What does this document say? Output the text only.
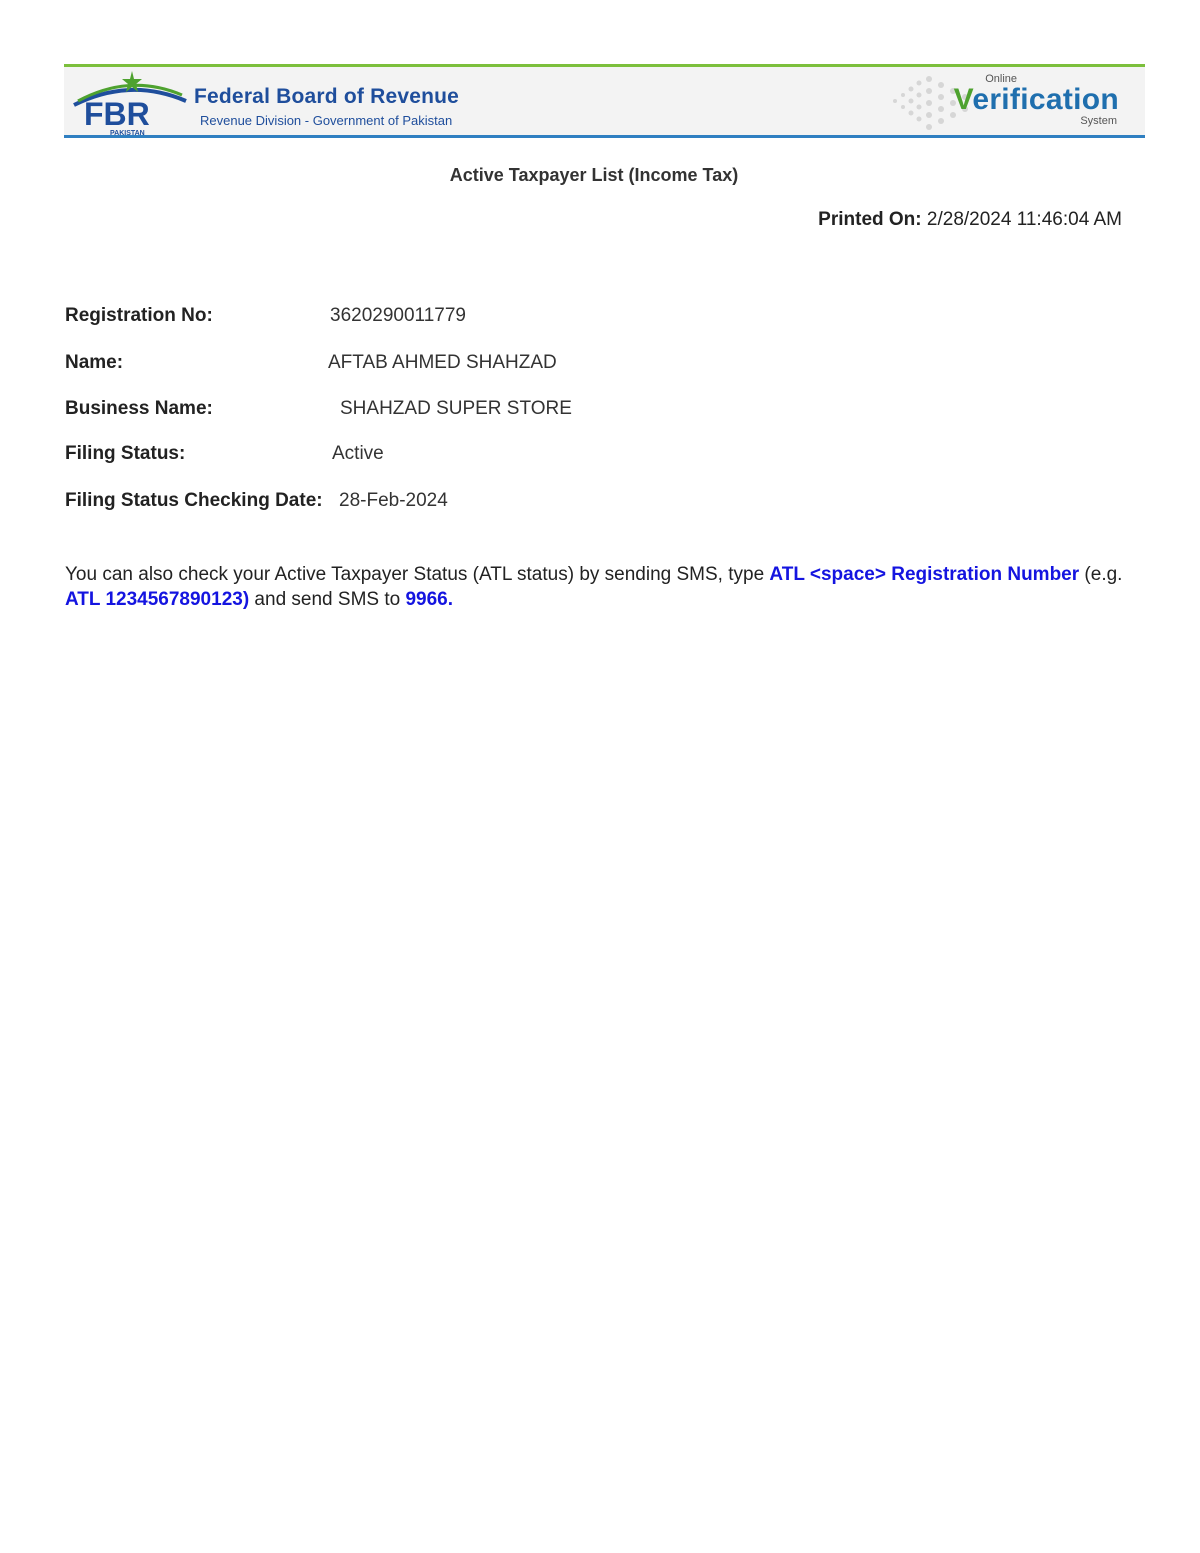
FBR
PAKISTAN
Federal Board of Revenue
Revenue Division - Government of Pakistan
Online
Verification
System
Active Taxpayer List (Income Tax)
Printed On: 2/28/2024 11:46:04 AM
Registration No:	3620290011779
Name:	AFTAB AHMED SHAHZAD
Business Name:	SHAHZAD SUPER STORE
Filing Status:	Active
Filing Status Checking Date: 28-Feb-2024
You can also check your Active Taxpayer Status (ATL status) by sending SMS, type ATL <space> Registration Number (e.g. ATL 1234567890123) and send SMS to 9966.
